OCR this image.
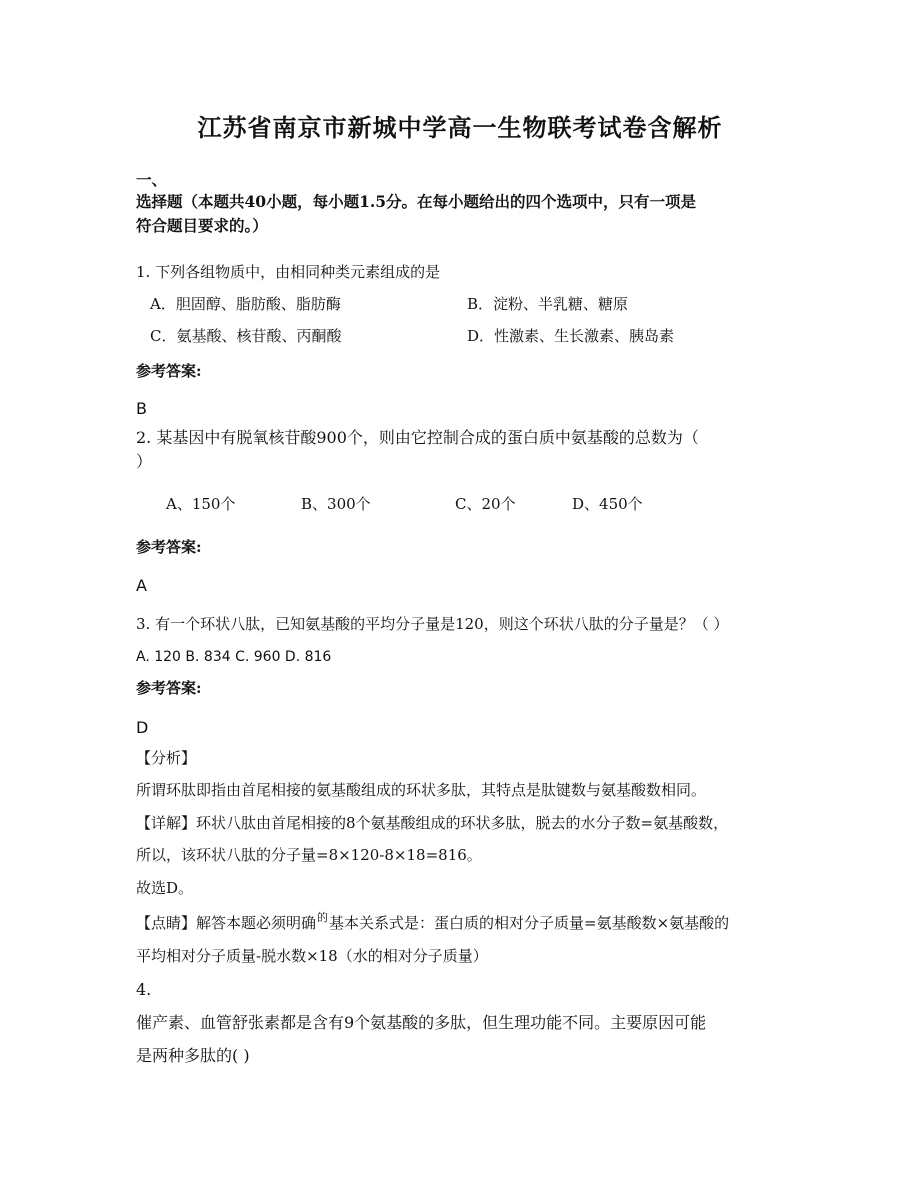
江苏省南京市新城中学高一生物联考试卷含解析
一、
选择题（本题共40小题，每小题1.5分。在每小题给出的四个选项中，只有一项是
符合题目要求的。）
1. 下列各组物质中，由相同种类元素组成的是
A．胆固醇、脂肪酸、脂肪酶	B．淀粉、半乳糖、糖原
C．氨基酸、核苷酸、丙酮酸	D．性激素、生长激素、胰岛素
参考答案:
B
2. 某基因中有脱氧核苷酸900个，则由它控制合成的蛋白质中氨基酸的总数为（
）
A、150个	B、300个	C、20个	D、450个
参考答案:
A
3. 有一个环状八肽，已知氨基酸的平均分子量是120，则这个环状八肽的分子量是？（ ）
A. 120 B. 834 C. 960 D. 816
参考答案:
D
【分析】
所谓环肽即指由首尾相接的氨基酸组成的环状多肽，其特点是肽键数与氨基酸数相同。
【详解】环状八肽由首尾相接的8个氨基酸组成的环状多肽，脱去的水分子数=氨基酸数，
所以，该环状八肽的分子量=8×120-8×18=816。
故选D。
【点睛】解答本题必须明确$^的$基本关系式是：蛋白质的相对分子质量=氨基酸数×氨基酸的
平均相对分子质量-脱水数×18（水的相对分子质量）
4.
催产素、血管舒张素都是含有9个氨基酸的多肽，但生理功能不同。主要原因可能
是两种多肽的( )
